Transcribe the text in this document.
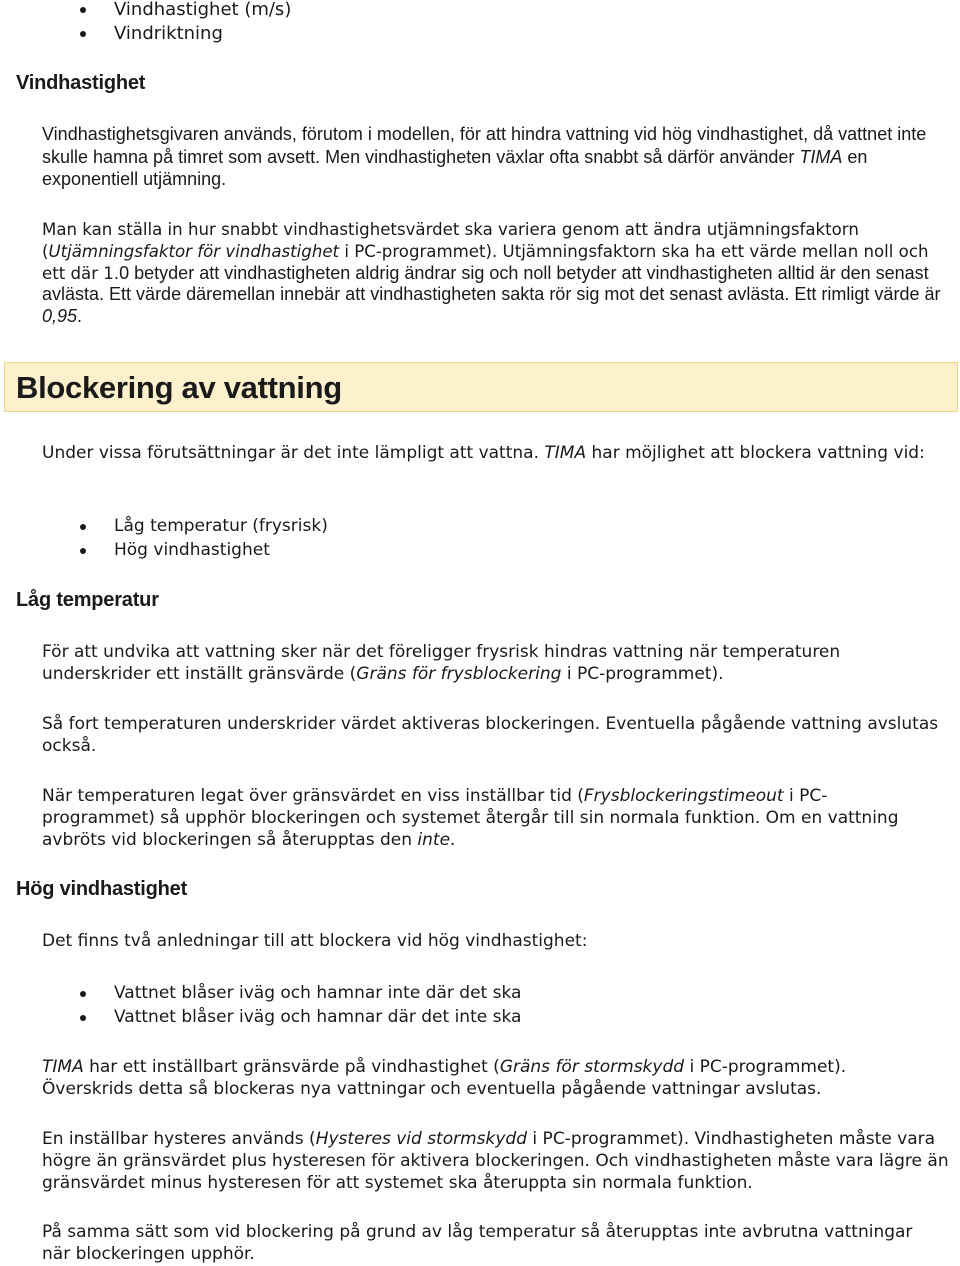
Vindhastighet (m/s)
Vindriktning
Vindhastighet

Vindhastighetsgivaren används, förutom i modellen, för att hindra vattning vid hög vindhastighet, då vattnet inte skulle hamna på timret som avsett. Men vindhastigheten växlar ofta snabbt så därför använder TIMA en exponentiell utjämning.

Man kan ställa in hur snabbt vindhastighetsvärdet ska variera genom att ändra utjämningsfaktorn (Utjämningsfaktor för vindhastighet i PC-programmet). Utjämningsfaktorn ska ha ett värde mellan noll och ett där 1.0 betyder att vindhastigheten aldrig ändrar sig och noll betyder att vindhastigheten alltid är den senast avlästa. Ett värde däremellan innebär att vindhastigheten sakta rör sig mot det senast avlästa. Ett rimligt värde är 0,95.

Blockering av vattning

Under vissa förutsättningar är det inte lämpligt att vattna. TIMA har möjlighet att blockera vattning vid:

Låg temperatur (frysrisk)
Hög vindhastighet
Låg temperatur

För att undvika att vattning sker när det föreligger frysrisk hindras vattning när temperaturen underskrider ett inställt gränsvärde (Gräns för frysblockering i PC-programmet).

Så fort temperaturen underskrider värdet aktiveras blockeringen. Eventuella pågående vattning avslutas också.

När temperaturen legat över gränsvärdet en viss inställbar tid (Frysblockeringstimeout i PC-programmet) så upphör blockeringen och systemet återgår till sin normala funktion. Om en vattning avbröts vid blockeringen så återupptas den inte.

Hög vindhastighet

Det finns två anledningar till att blockera vid hög vindhastighet:

Vattnet blåser iväg och hamnar inte där det ska
Vattnet blåser iväg och hamnar där det inte ska

TIMA har ett inställbart gränsvärde på vindhastighet (Gräns för stormskydd i PC-programmet). Överskrids detta så blockeras nya vattningar och eventuella pågående vattningar avslutas.

En inställbar hysteres används (Hysteres vid stormskydd i PC-programmet). Vindhastigheten måste vara högre än gränsvärdet plus hysteresen för aktivera blockeringen. Och vindhastigheten måste vara lägre än gränsvärdet minus hysteresen för att systemet ska återuppta sin normala funktion.

På samma sätt som vid blockering på grund av låg temperatur så återupptas inte avbrutna vattningar när blockeringen upphör.
